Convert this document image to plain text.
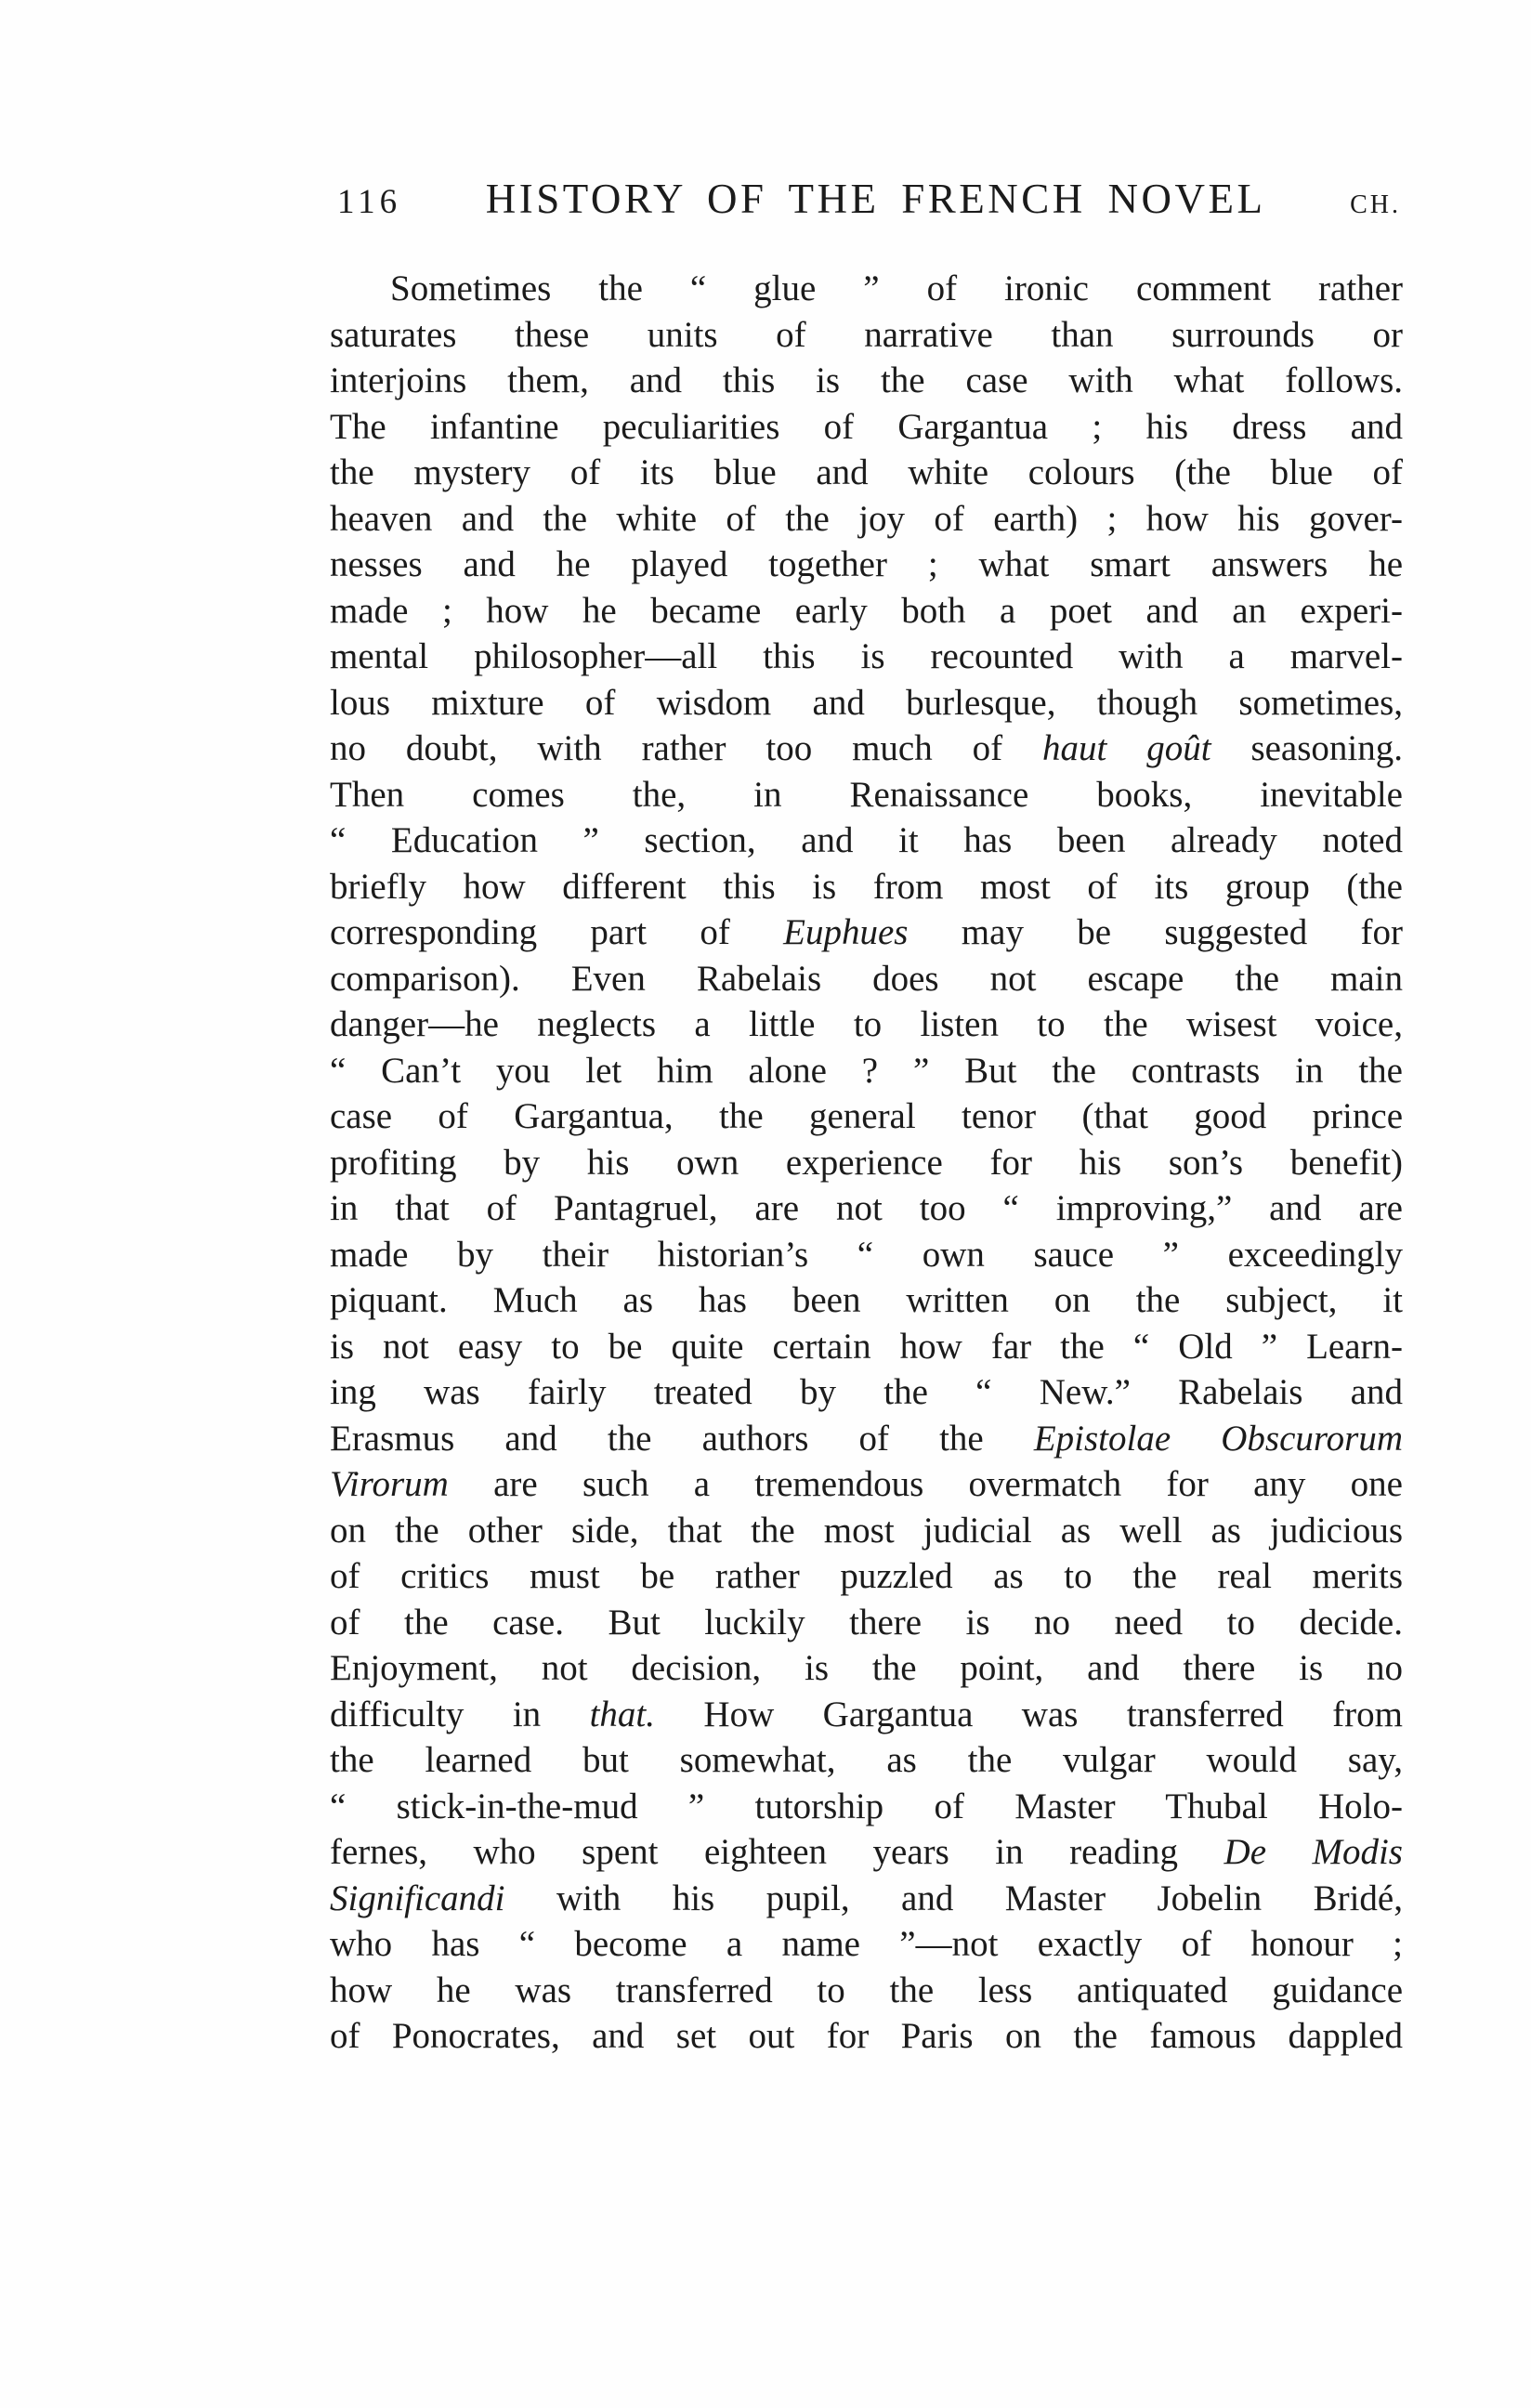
116	HISTORY OF THE FRENCH NOVEL	CH.
Sometimes the “ glue ” of ironic comment rather
saturates these units of narrative than surrounds or
interjoins them, and this is the case with what follows.
The infantine peculiarities of Gargantua ; his dress and
the mystery of its blue and white colours (the blue of
heaven and the white of the joy of earth) ; how his gover-
nesses and he played together ; what smart answers he
made ; how he became early both a poet and an experi-
mental philosopher—all this is recounted with a marvel-
lous mixture of wisdom and burlesque, though sometimes,
no doubt, with rather too much of haut goût seasoning.
Then comes the, in Renaissance books, inevitable
“ Education ” section, and it has been already noted
briefly how different this is from most of its group (the
corresponding part of Euphues may be suggested for
comparison). Even Rabelais does not escape the main
danger—he neglects a little to listen to the wisest voice,
“ Can’t you let him alone ? ” But the contrasts in the
case of Gargantua, the general tenor (that good prince
profiting by his own experience for his son’s benefit)
in that of Pantagruel, are not too “ improving,” and are
made by their historian’s “ own sauce ” exceedingly
piquant. Much as has been written on the subject, it
is not easy to be quite certain how far the “ Old ” Learn-
ing was fairly treated by the “ New.” Rabelais and
Erasmus and the authors of the Epistolae Obscurorum
Virorum are such a tremendous overmatch for any one
on the other side, that the most judicial as well as judicious
of critics must be rather puzzled as to the real merits
of the case. But luckily there is no need to decide.
Enjoyment, not decision, is the point, and there is no
difficulty in that. How Gargantua was transferred from
the learned but somewhat, as the vulgar would say,
“ stick-in-the-mud ” tutorship of Master Thubal Holo-
fernes, who spent eighteen years in reading De Modis
Significandi with his pupil, and Master Jobelin Bridé,
who has “ become a name ”—not exactly of honour ;
how he was transferred to the less antiquated guidance
of Ponocrates, and set out for Paris on the famous dappled
